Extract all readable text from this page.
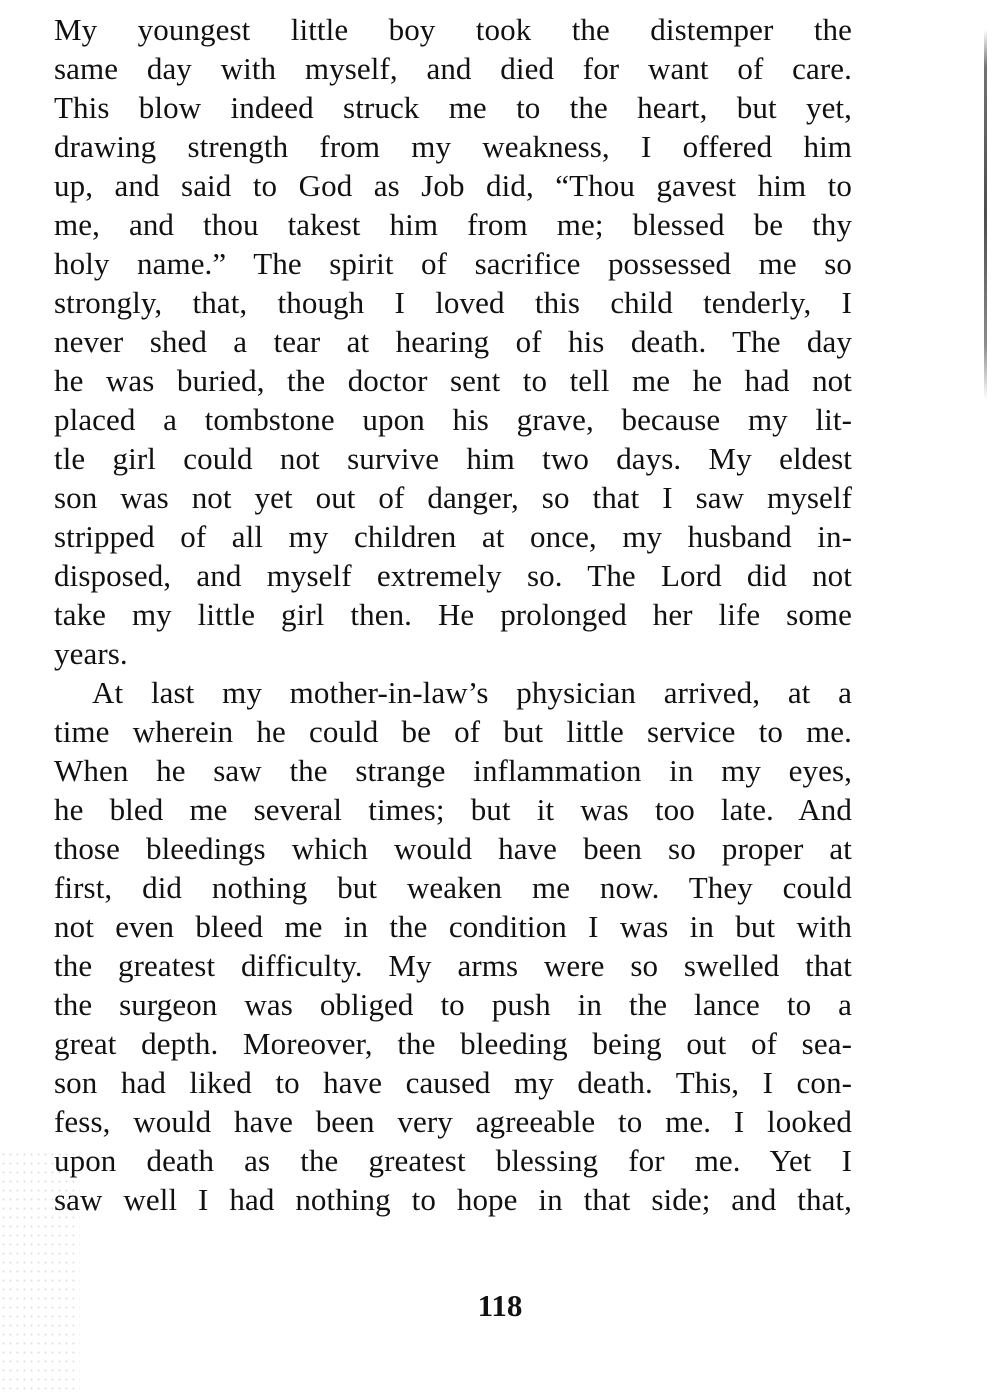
My youngest little boy took the distemper the
same day with myself, and died for want of care.
This blow indeed struck me to the heart, but yet,
drawing strength from my weakness, I offered him
up, and said to God as Job did, “Thou gavest him to
me, and thou takest him from me; blessed be thy
holy name.” The spirit of sacrifice possessed me so
strongly, that, though I loved this child tenderly, I
never shed a tear at hearing of his death. The day
he was buried, the doctor sent to tell me he had not
placed a tombstone upon his grave, because my lit-
tle girl could not survive him two days. My eldest
son was not yet out of danger, so that I saw myself
stripped of all my children at once, my husband in-
disposed, and myself extremely so. The Lord did not
take my little girl then. He prolonged her life some
years.
At last my mother-in-law’s physician arrived, at a
time wherein he could be of but little service to me.
When he saw the strange inflammation in my eyes,
he bled me several times; but it was too late. And
those bleedings which would have been so proper at
first, did nothing but weaken me now. They could
not even bleed me in the condition I was in but with
the greatest difficulty. My arms were so swelled that
the surgeon was obliged to push in the lance to a
great depth. Moreover, the bleeding being out of sea-
son had liked to have caused my death. This, I con-
fess, would have been very agreeable to me. I looked
upon death as the greatest blessing for me. Yet I
saw well I had nothing to hope in that side; and that,
118
